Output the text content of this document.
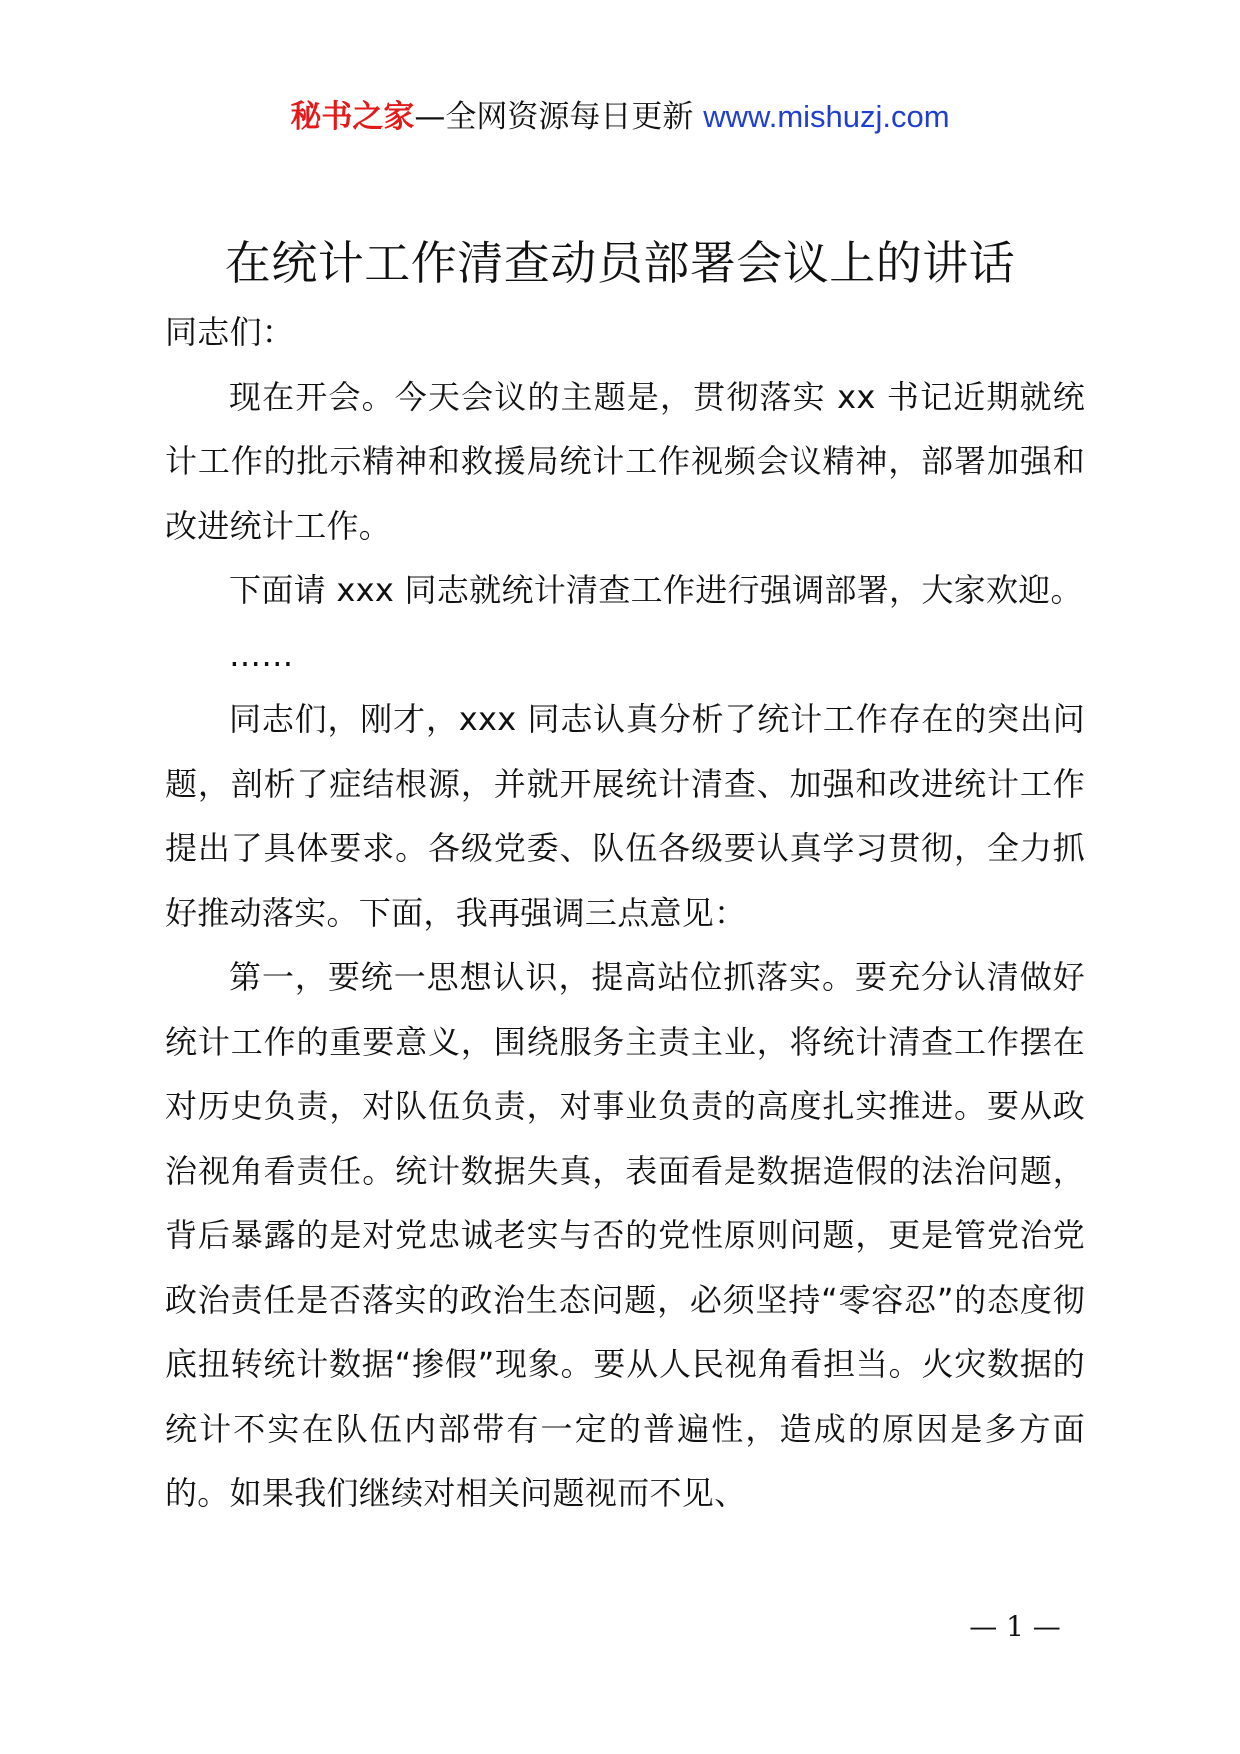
秘书之家—全网资源每日更新 www.mishuzj.com
在统计工作清查动员部署会议上的讲话

同志们：

现在开会。今天会议的主题是，贯彻落实 xx 书记近期就统计工作的批示精神和救援局统计工作视频会议精神，部署加强和改进统计工作。

下面请 xxx 同志就统计清查工作进行强调部署，大家欢迎。

……

同志们，刚才，xxx 同志认真分析了统计工作存在的突出问题，剖析了症结根源，并就开展统计清查、加强和改进统计工作提出了具体要求。各级党委、队伍各级要认真学习贯彻，全力抓好推动落实。下面，我再强调三点意见：

第一，要统一思想认识，提高站位抓落实。要充分认清做好统计工作的重要意义，围绕服务主责主业，将统计清查工作摆在对历史负责，对队伍负责，对事业负责的高度扎实推进。要从政治视角看责任。统计数据失真，表面看是数据造假的法治问题，背后暴露的是对党忠诚老实与否的党性原则问题，更是管党治党政治责任是否落实的政治生态问题，必须坚持“零容忍”的态度彻底扭转统计数据“掺假”现象。要从人民视角看担当。火灾数据的统计不实在队伍内部带有一定的普遍性，造成的原因是多方面的。如果我们继续对相关问题视而不见、

— 1 —
